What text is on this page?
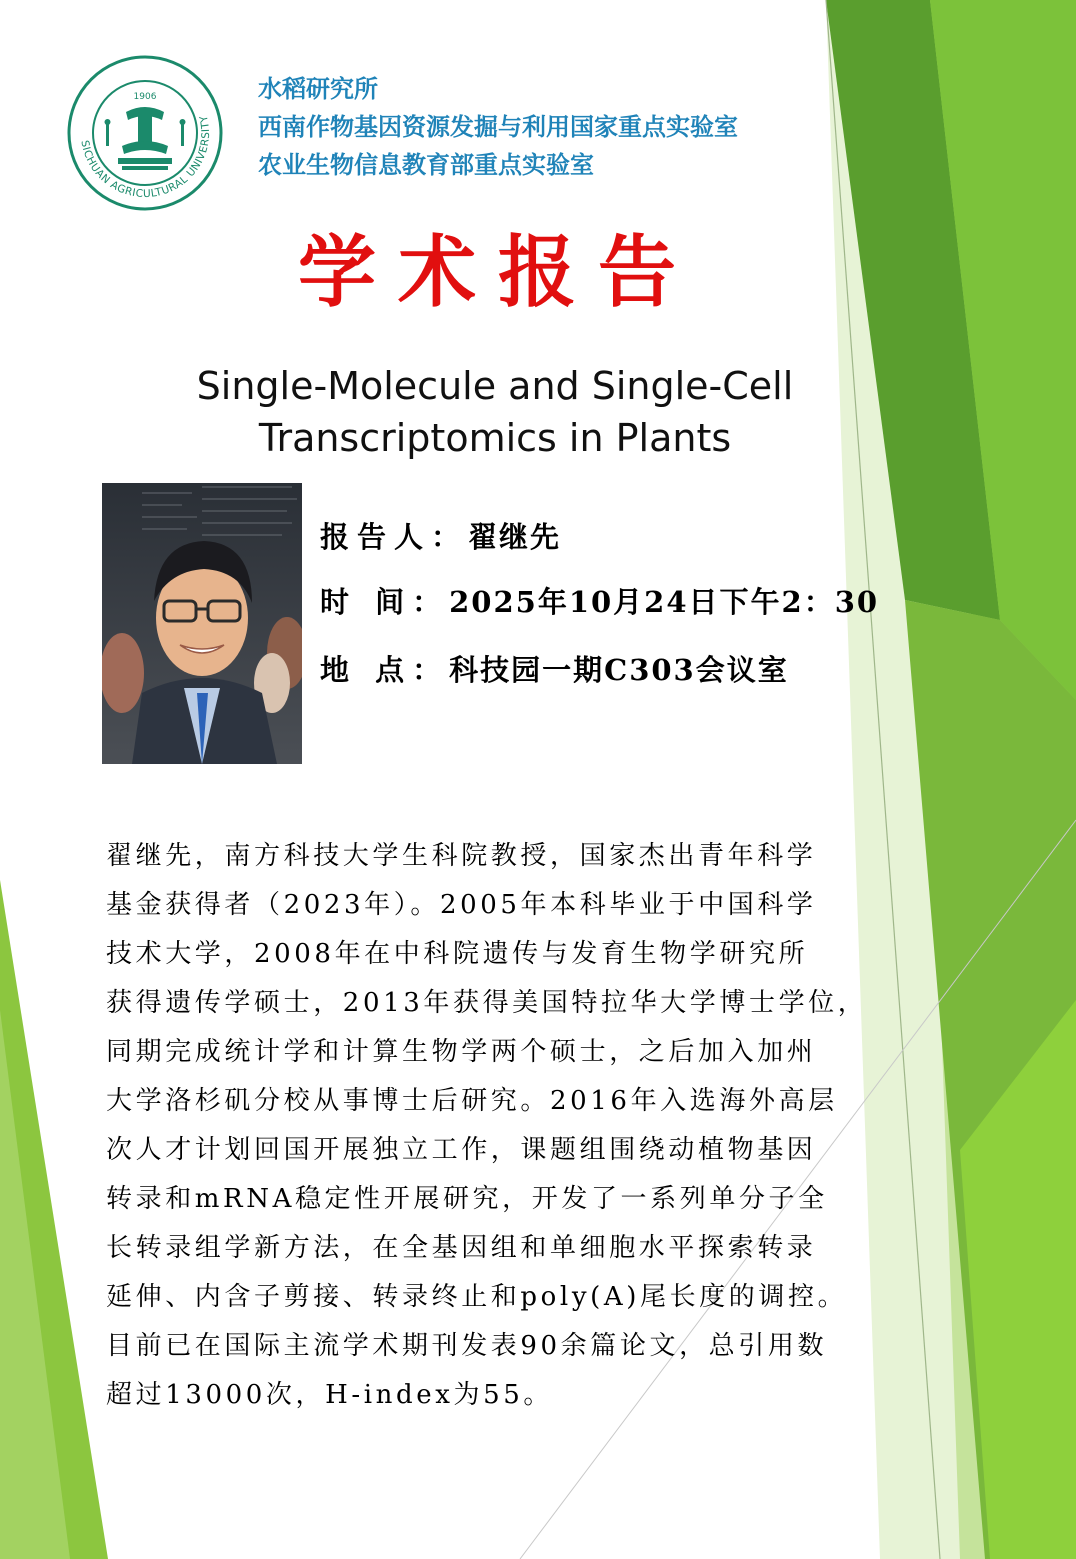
SICHUAN AGRICULTURAL UNIVERSITY
1906	水稻研究所
西南作物基因资源发掘与利用国家重点实验室
农业生物信息教育部重点实验室
学术报告
Single-Molecule and Single-Cell
Transcriptomics in Plants
报告人：翟继先
时 间：2025年10月24日下午2：30
地 点：科技园一期C303会议室
翟继先，南方科技大学生科院教授，国家杰出青年科学
基金获得者（2023年）。2005年本科毕业于中国科学
技术大学，2008年在中科院遗传与发育生物学研究所
获得遗传学硕士，2013年获得美国特拉华大学博士学位，
同期完成统计学和计算生物学两个硕士，之后加入加州
大学洛杉矶分校从事博士后研究。2016年入选海外高层
次人才计划回国开展独立工作，课题组围绕动植物基因
转录和mRNA稳定性开展研究，开发了一系列单分子全
长转录组学新方法，在全基因组和单细胞水平探索转录
延伸、内含子剪接、转录终止和poly(A)尾长度的调控。
目前已在国际主流学术期刊发表90余篇论文，总引用数
超过13000次，H-index为55。
